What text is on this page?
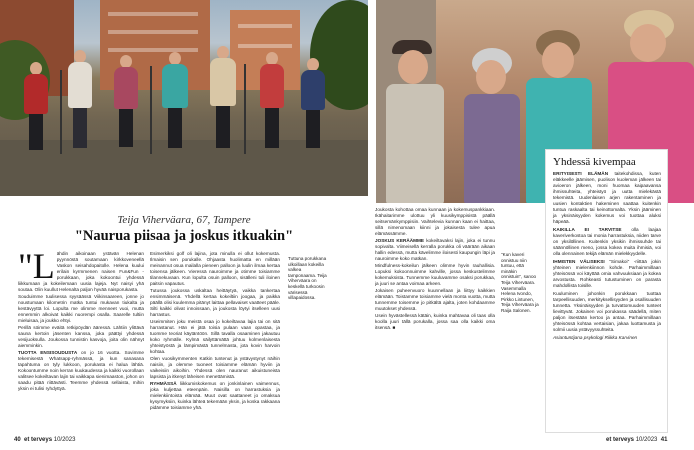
Tuttuna porukkana ulkoillaan kokeilla valkea tamponaama. Teija Viherväara on keskellä turkoosin värisessä villapaidossa.
Teija Viherväara, 67, Tampere
"Naurua piisaa ja joskus itkuakin"

"L ähdin aikoinaan ystävän Helenan pyynnöstä soutamaan kirkkoveneellä Vaskon seisahdopaitolle. Helena kuului erilain kyrmmenen naisen Fun&Fun -porukkaan, joka kokoontui yhdessä liikkumaan ja kokeilemaan uusia lajeja. Nyt naisyi yhä soutaa. Olin kuullut Helenalta paljon hyvää naisporukasta.

Souduimme tuulisessa syysäässä Viikinsaareen, jonne jo noustumaan kilometrin matka tuntui mukavan tiukalta ja kestävyyttä loi. Lopulta me olimme menneet vuoi, mutta ennemmin alkoivat kaikki nuorempi osalla. Saarelle tultiin mieluisaa, ja joukko ehtyi.

Perillä söimme eväitä retkipöydän ääressä. Lähtiin ylittävä sauna kertoin jäsenten kanssa, joka päättyi yhdessä vesijuoksulla. Joukossa tunnistin kasvoja, joita olin nähnyt aiemminkin.

TUOTTA ENSISOUDUSTA on jo 16 vuotta. Sovimme tekemisestä Whatsapp-ryhmässä, ja kun sanasana tapahtuma on tyly lukkoon, porukasta ei halua lähtiä. Kokoontumme noin kerran kuukaudessa ja kaikki vuorollaan valitsee kokeiltavan lajin tai vaikkapa sienimaaston, johon on saadu pitää riittävästi. Teemme yhdessä sellaista, mihin yksin ei tulisi ryhdyttyä.

Esimerkiksi golf oli lajina, jota minulla ei ollut kokemusta. Ilmaisin sen porukalle. Ohjaasta huolimatta en millään meinannut osua mailalla pieneen palloon ja luulin ilmaa kertaa toisensa jälkeen. Vieressä nauroimme ja otimme toisiamme tilannekuvaan. Kun lopulta osuin palloon, sisälleni tuli iloinen paitsin vapautus.

Tutussa joukossa uskaltaa heittäytyä, vaikka tankertaa ensimmäisenä. Yhdellä kertaa kokeiltiin joogaa, ja paikka päällä olisi kuulemma pitänyt laittaa pellavaiset vaatteet pääle. Silti kaikki olivat innoissaan, ja joukosta löytyi itselleen uusi harrastus.

Useimmiten joku meistä osaa jo kokeiltavaa lajia tai on sitä harrastanut. Hän ei jätä toisia pulaan vaan opastaa, ja tuomme teoriat käytäntöön. Sillä tavalla osaaminen jakautuu koko ryhmälle. Kylmä säilyttämättä johtuu kolmenlaisesta yhteistyöstä ja lämpimästä tunnelmasta, jota kovin harvoin kohtaa.

Olen vuosikymmenten Katkin tuntenut ja ystävystynyt näihin naisiin, ja olemme tuoneet toisiamme elämän hyviin ja vaikeisiin aikoihin. Yhdessä olen nauranut aikuistuneista lapsista ja itkenyt läheisen menettämistä.

RYHMÄSSÄ liikkumiskokemus on jonkinlainen vaimennus, joka kuljettaa eteenpäin. Naisilla on harrastuksia ja mielenkiintoista elämää. Muut ovat saattaneet jo omaksua kysymyksiin, kuinka lähteä tekemään yksin, ja koska rakkaana pidämme toisiamme yhä.

Joukosta kohottaa omaa kunnaan ja kokemuspankkiaan. Ikähaitarimme ulottuu yli kuusikymppisistä päällä seitsemänkymppisiin. Vaihtelevia kunnan kaan ei haittaa, sillä nimenomaan kiinni ja jokaisesta tulee apua elämässämme.

JOSKUS KERÄÄMME kokeiltavaksi lajin, joka ei tunnu sopivalta. Viimeisellä kerralla porukka oli väärään aikaan hallin edessä, mutta kävelimme iloisesti kaupungin läpi ja nauroimme koko matkan.

Mindfulness-kokeilun jälkeen olimme hyvin rauhallisia. Lopuksi kokoonnuimme kahville, jossa keskustelimme kokemuksista. Tunnemme kuuluvamme osaksi porukkaa, ja juuri se antaa voimaa arkeen.

Jokaisen puheenvuoro kuunnellaan ja liittyy kaikkien elämään. Toistamme toisiamme vielä monta vuotta, mutta tunnemme toisemme jo pitkältä ajalta, joten kohdaamme muutokset yhdessä.

Usein hyvästellessä kätäin, kuinka mahtavaa oli taas olla koolla juuri tällä porukalla, jossa saa olla kaikki oma itsensä. ■

"Kun kaveri onnistuu niin tuntuu, että minäkin onnistuin", sanoo Teija Viherväara. Vasemmalla Helena Ivondo, Pirkko Lintunen, Teija Viherväara ja Raija Salonen.
Yhdessä kivempaa

ERITYISESTI ELÄMÄN taitekohdissa, kuten eläkkeelle jäämisen, puolison kuoleman jälkeen tai avioeron jälkeen, moni huomaa kaipaavansa ihmissuhteita, yhteistyö ja uutta mielekästä tekemistä. Uudenlaisen arjen rakentaminen ja uusien kontaktien hakeminen saattaa kuitenkin tuntua raskaalta tai keinottomalta. Yksin jääminen ja yksinäisyyden kokemus voi tuottaa aluksi häpeää.

KAIKILLA EI TARVITSE olla laajaa kaveriverkostoa tai monia harrastuksia, niiden tarve on yksilöllinen. Kuitenkin yksikin ihmissuhde tai säännöllinen meno, jossa kokea muita ihmisiä, voi olla olennainen tekijä elämän mielekkyydelle.

IHMISTEN VÄLISEKSI "Simakoi" -riittää jokin yhteinen mielenkiinnon kohde. Parhaimmillaan yhteisössä voi käyttää omia vahvuuksiaan ja kokea arvostusta. Rohkeasti tutustuminen on parasta mahdollista toisille.

Kuuluminen johonkin porukkaan tuottaa tarpeellisuuden, merkityksellisyyden ja osallisuuden tunnetta. Yksinäisyyden ja turvattomuuden tunteet lievittyvät. Jokainen voi porukassa säädellä, miten paljon itsestään kertoo ja antaa. Parhaimmillaan yhteisössä kohtaa vertaisian, jakaa luottamusta ja solmii uusia ystävyyssuhteita.

Asiantuntijana psykologi Riikka Karvinen

40 et terveys 10/2023	et terveys 10/2023 41
